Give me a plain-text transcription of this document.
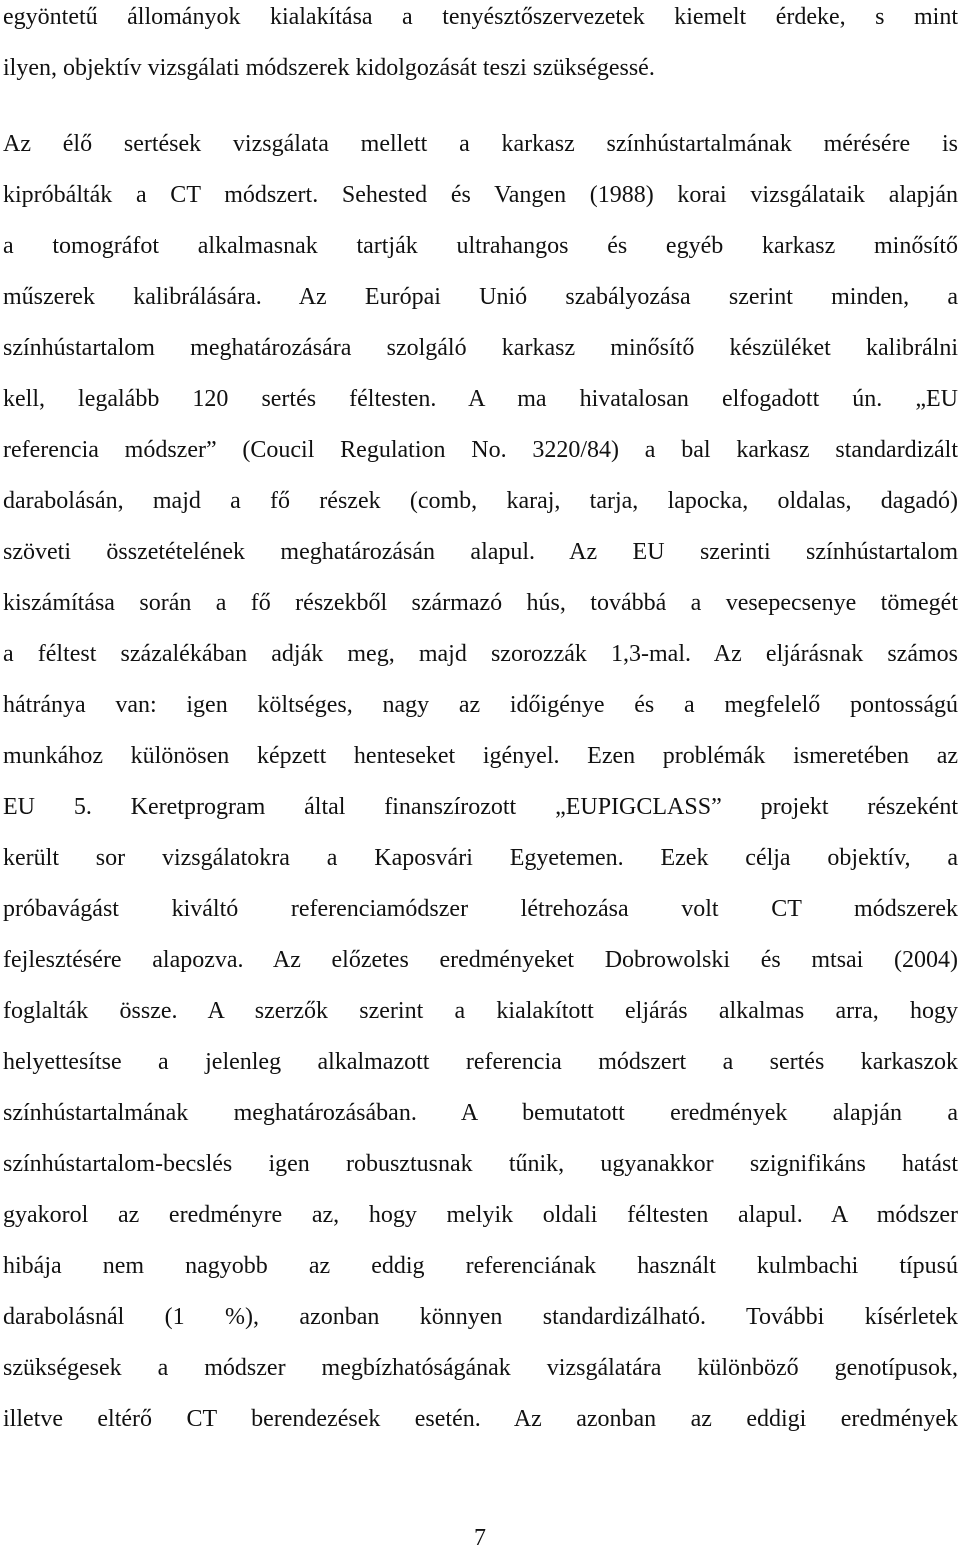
egyöntetű állományok kialakítása a tenyésztőszervezetek kiemelt érdeke, s mint

ilyen, objektív vizsgálati módszerek kidolgozását teszi szükségessé.

Az élő sertések vizsgálata mellett a karkasz színhústartalmának mérésére is

kipróbálták a CT módszert. Sehested és Vangen (1988) korai vizsgálataik alapján

a tomográfot alkalmasnak tartják ultrahangos és egyéb karkasz minősítő

műszerek kalibrálására. Az Európai Unió szabályozása szerint minden, a

színhústartalom meghatározására szolgáló karkasz minősítő készüléket kalibrálni

kell, legalább 120 sertés féltesten. A ma hivatalosan elfogadott ún. „EU

referencia módszer” (Coucil Regulation No. 3220/84) a bal karkasz standardizált

darabolásán, majd a fő részek (comb, karaj, tarja, lapocka, oldalas, dagadó)

szöveti összetételének meghatározásán alapul. Az EU szerinti színhústartalom

kiszámítása során a fő részekből származó hús, továbbá a vesepecsenye tömegét

a féltest százalékában adják meg, majd szorozzák 1,3-mal. Az eljárásnak számos

hátránya van: igen költséges, nagy az időigénye és a megfelelő pontosságú

munkához különösen képzett henteseket igényel. Ezen problémák ismeretében az

EU 5. Keretprogram által finanszírozott „EUPIGCLASS” projekt részeként

került sor vizsgálatokra a Kaposvári Egyetemen. Ezek célja objektív, a

próbavágást kiváltó referenciamódszer létrehozása volt CT módszerek

fejlesztésére alapozva. Az előzetes eredményeket Dobrowolski és mtsai (2004)

foglalták össze. A szerzők szerint a kialakított eljárás alkalmas arra, hogy

helyettesítse a jelenleg alkalmazott referencia módszert a sertés karkaszok

színhústartalmának meghatározásában. A bemutatott eredmények alapján a

színhústartalom-becslés igen robusztusnak tűnik, ugyanakkor szignifikáns hatást

gyakorol az eredményre az, hogy melyik oldali féltesten alapul. A módszer

hibája nem nagyobb az eddig referenciának használt kulmbachi típusú

darabolásnál (1 %), azonban könnyen standardizálható. További kísérletek

szükségesek a módszer megbízhatóságának vizsgálatára különböző genotípusok,

illetve eltérő CT berendezések esetén. Az azonban az eddigi eredmények

7
